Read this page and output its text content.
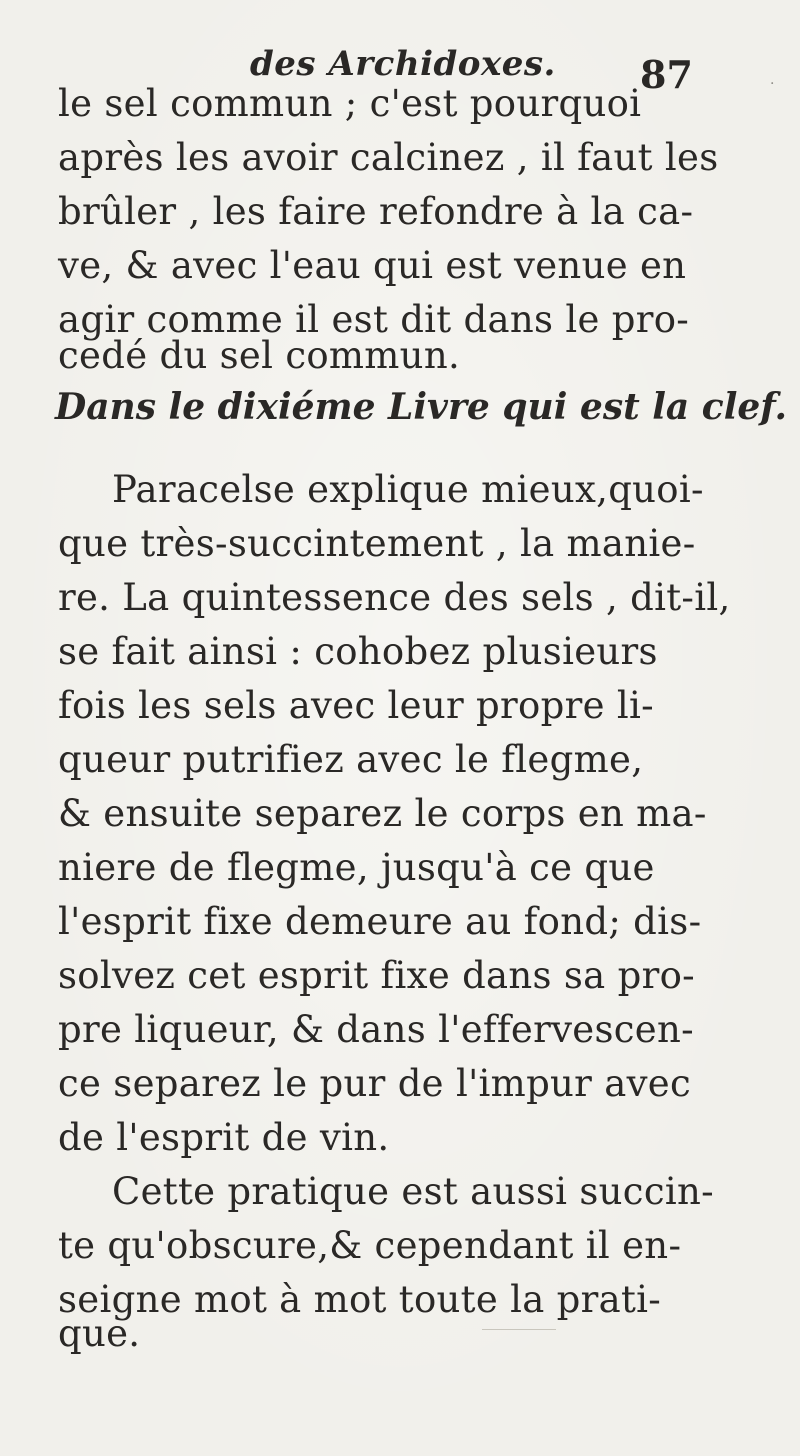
des Archidoxes. 87	·
le sel commun ; c'est pourquoi
après les avoir calcinez , il faut les
brûler , les faire refondre à la ca-
ve, & avec l'eau qui est venue en
agir comme il est dit dans le pro-
cedé du sel commun.
Dans le dixiéme Livre qui est la clef.
Paracelse explique mieux,quoi-
que très-succintement , la manie-
re. La quintessence des sels , dit-il,
se fait ainsi : cohobez plusieurs
fois les sels avec leur propre li-
queur putrifiez avec le flegme,
& ensuite separez le corps en ma-
niere de flegme, jusqu'à ce que
l'esprit fixe demeure au fond; dis-
solvez cet esprit fixe dans sa pro-
pre liqueur, & dans l'effervescen-
ce separez le pur de l'impur avec
de l'esprit de vin.
Cette pratique est aussi succin-
te qu'obscure,& cependant il en-
seigne mot à mot toute la prati-
que.
